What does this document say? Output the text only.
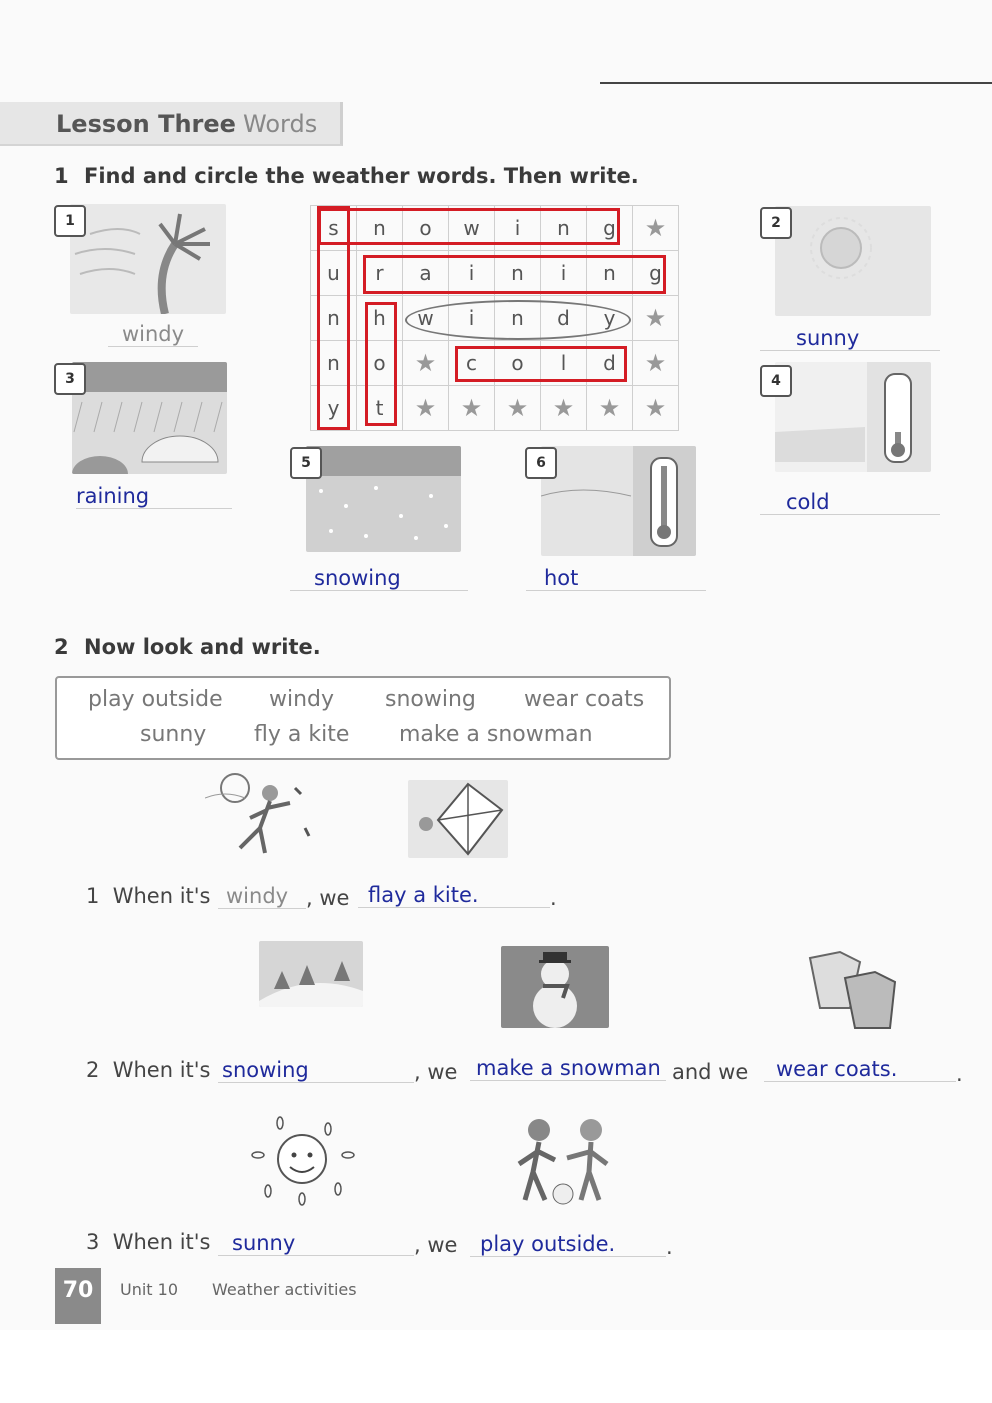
Lesson Three Words
1 Find and circle the weather words. Then write.
1
windy
3
raining
s	n	o	w	i	n	g	★
u	r	a	i	n	i	n	g
n	h	w	i	n	d	y	★
n	o	★	c	o	l	d	★
y	t	★	★	★	★	★	★
5
snowing
6
hot
2
sunny
4
cold
2 Now look and write.
play outside windy snowing wear coats
sunny fly a kite make a snowman
1 When it's windy , we flay a kite.	.
2 When it's snowing	, we make a snowman and we	wear coats.	.
3 When it's	sunny	, we	play outside.	.
70	Unit 10 Weather activities
